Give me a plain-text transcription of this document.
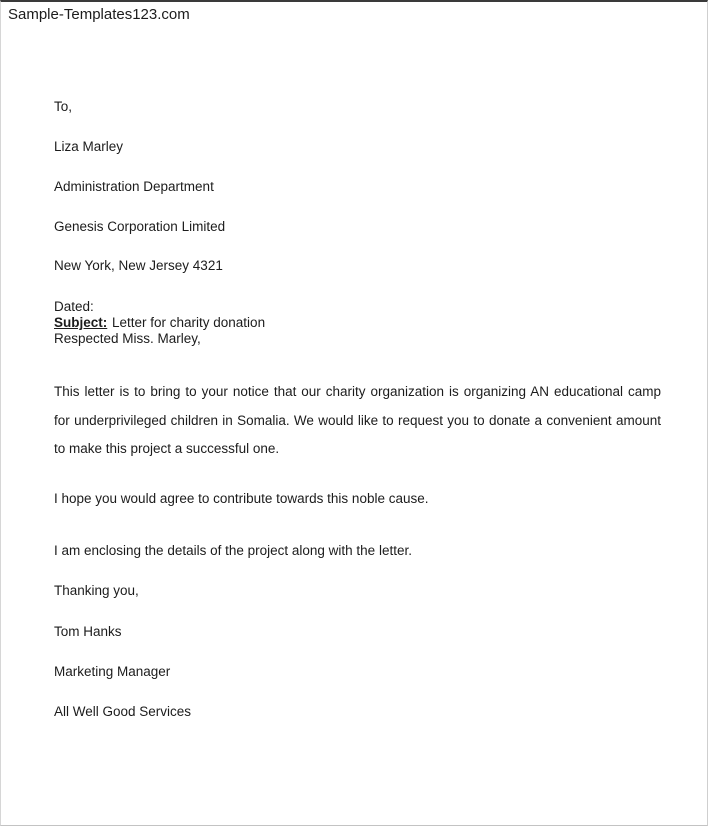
Sample-Templates123.com
To,
Liza Marley
Administration Department
Genesis Corporation Limited
New York, New Jersey 4321
Dated:
Subject: Letter for charity donation
Respected Miss. Marley,
This letter is to bring to your notice that our charity organization is organizing AN educational camp for underprivileged children in Somalia. We would like to request you to donate a convenient amount to make this project a successful one.
I hope you would agree to contribute towards this noble cause.
I am enclosing the details of the project along with the letter.
Thanking you,
Tom Hanks
Marketing Manager
All Well Good Services
